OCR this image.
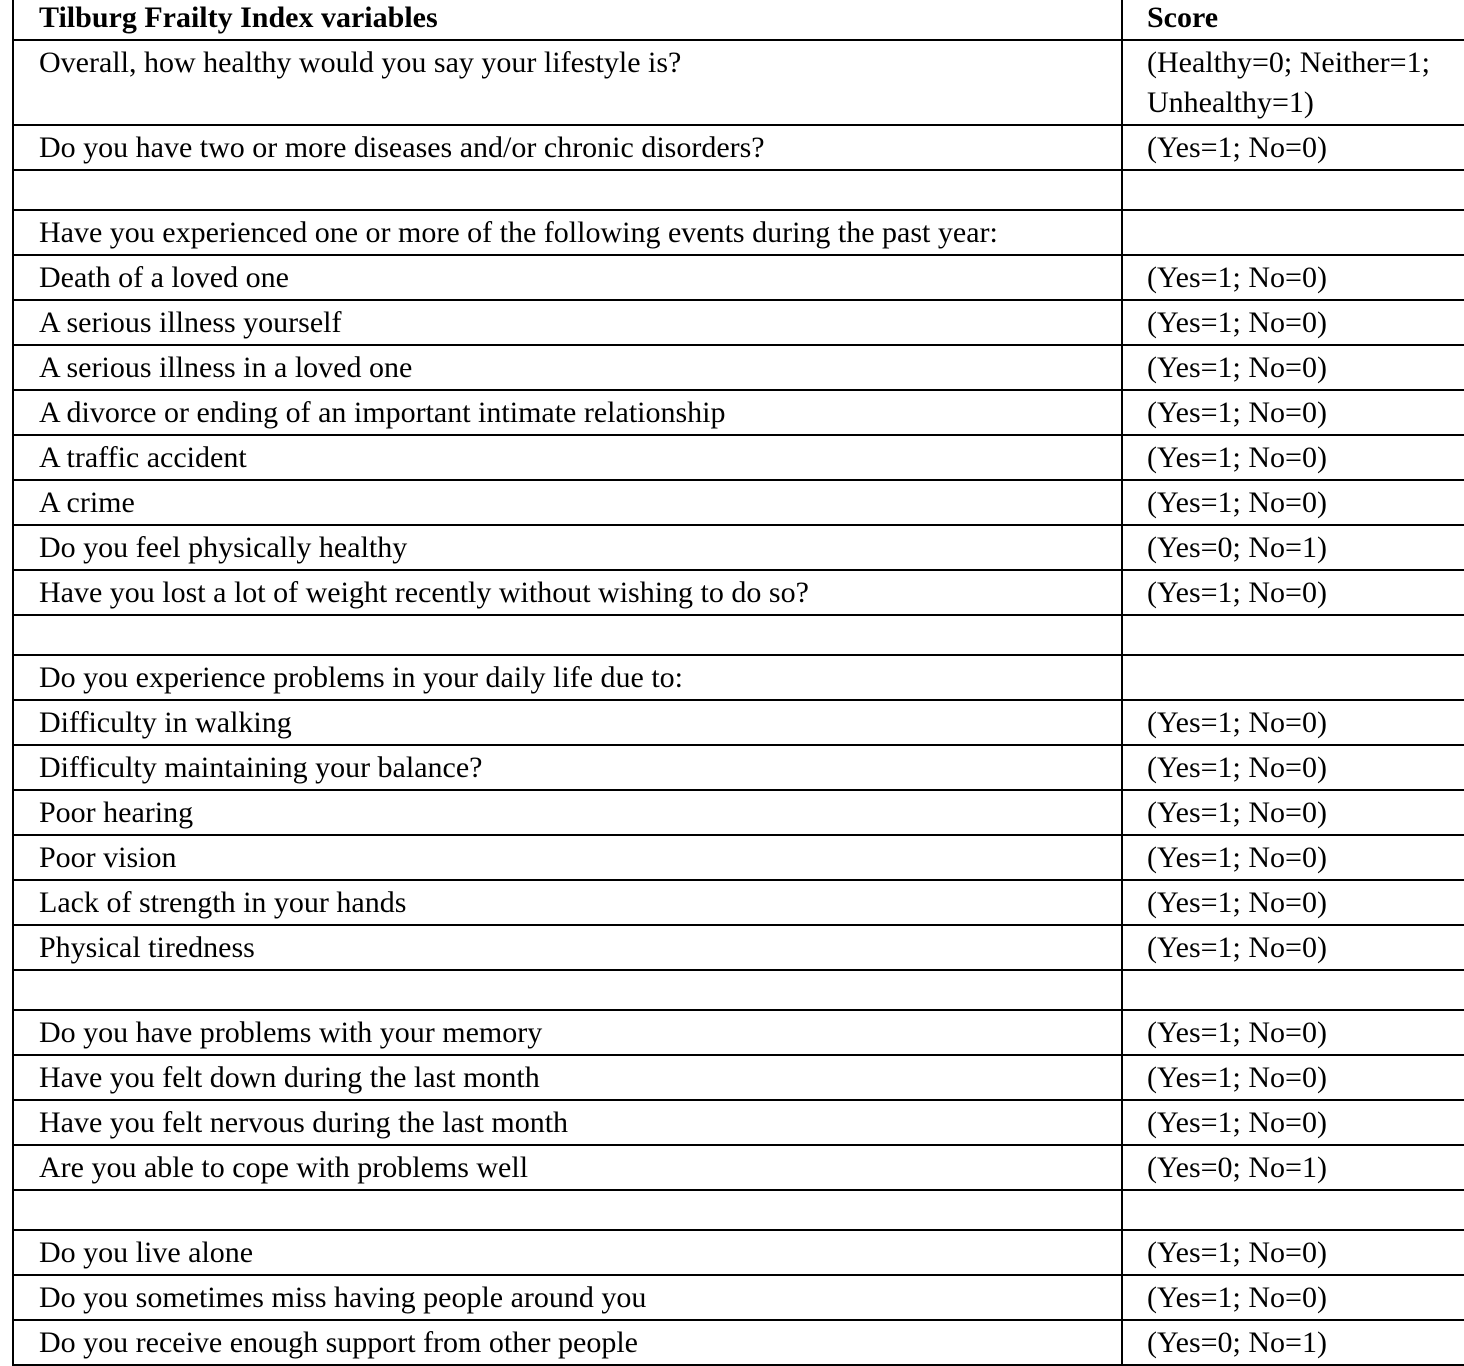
Tilburg Frailty Index variables	Score
Overall, how healthy would you say your lifestyle is?	(Healthy=0; Neither=1; Unhealthy=1)
Do you have two or more diseases and/or chronic disorders?	(Yes=1; No=0)

Have you experienced one or more of the following events during the past year:	
Death of a loved one	(Yes=1; No=0)
A serious illness yourself	(Yes=1; No=0)
A serious illness in a loved one	(Yes=1; No=0)
A divorce or ending of an important intimate relationship	(Yes=1; No=0)
A traffic accident	(Yes=1; No=0)
A crime	(Yes=1; No=0)
Do you feel physically healthy	(Yes=0; No=1)
Have you lost a lot of weight recently without wishing to do so?	(Yes=1; No=0)

Do you experience problems in your daily life due to:	
Difficulty in walking	(Yes=1; No=0)
Difficulty maintaining your balance?	(Yes=1; No=0)
Poor hearing	(Yes=1; No=0)
Poor vision	(Yes=1; No=0)
Lack of strength in your hands	(Yes=1; No=0)
Physical tiredness	(Yes=1; No=0)

Do you have problems with your memory	(Yes=1; No=0)
Have you felt down during the last month	(Yes=1; No=0)
Have you felt nervous during the last month	(Yes=1; No=0)
Are you able to cope with problems well	(Yes=0; No=1)

Do you live alone	(Yes=1; No=0)
Do you sometimes miss having people around you	(Yes=1; No=0)
Do you receive enough support from other people	(Yes=0; No=1)
